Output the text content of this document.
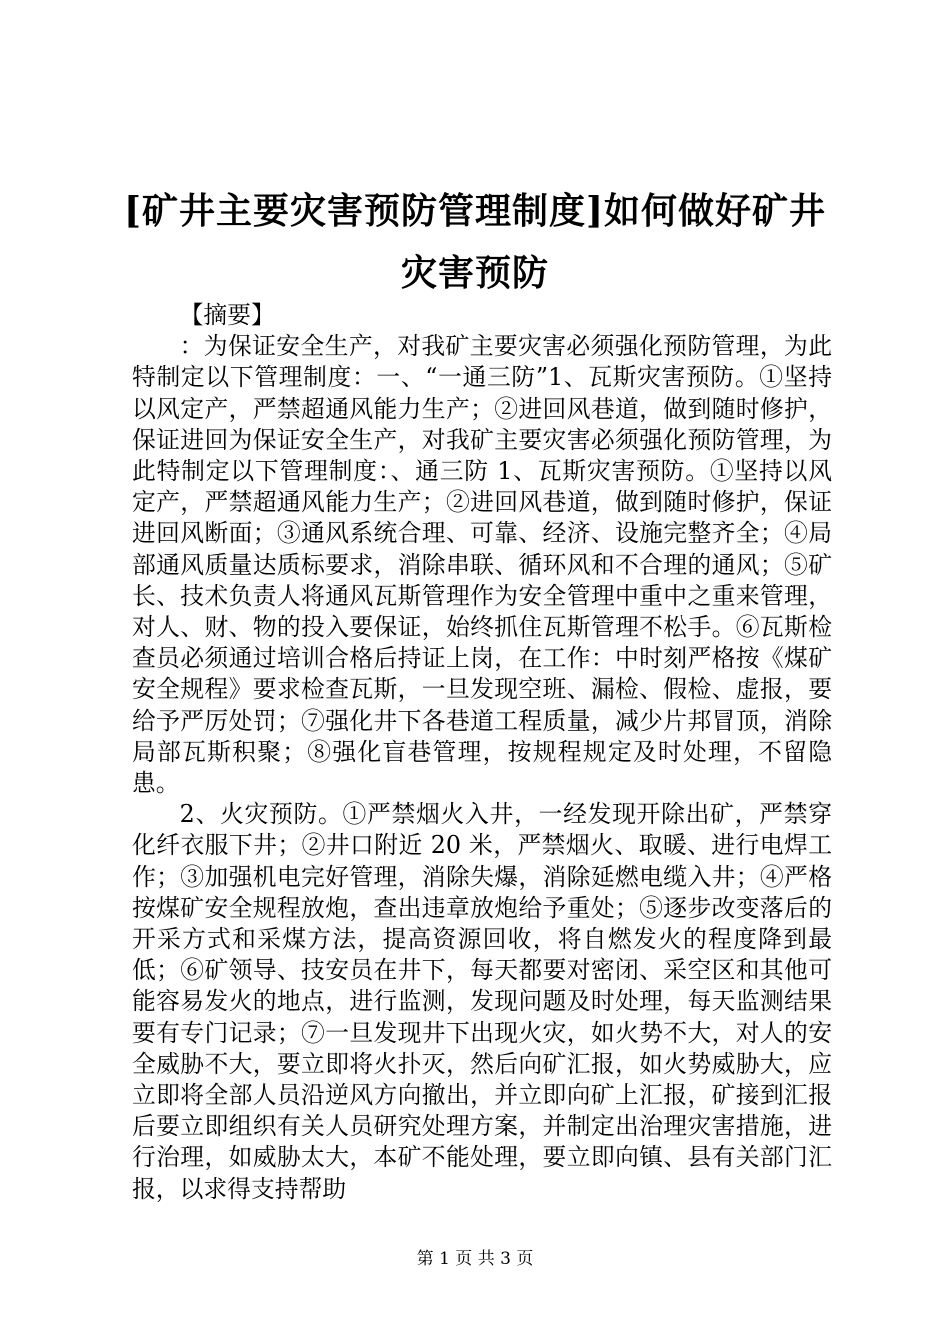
[矿井主要灾害预防管理制度]如何做好矿井灾害预防

【摘要】

：为保证安全生产，对我矿主要灾害必须强化预防管理，为此特制定以下管理制度：一、“一通三防”1、瓦斯灾害预防。①坚持以风定产，严禁超通风能力生产；②进回风巷道，做到随时修护，保证进回为保证安全生产，对我矿主要灾害必须强化预防管理，为此特制定以下管理制度：、通三防 1、瓦斯灾害预防。①坚持以风定产，严禁超通风能力生产；②进回风巷道，做到随时修护，保证进回风断面；③通风系统合理、可靠、经济、设施完整齐全；④局部通风质量达质标要求，消除串联、循环风和不合理的通风；⑤矿长、技术负责人将通风瓦斯管理作为安全管理中重中之重来管理，对人、财、物的投入要保证，始终抓住瓦斯管理不松手。⑥瓦斯检查员必须通过培训合格后持证上岗，在工作：中时刻严格按《煤矿安全规程》要求检查瓦斯，一旦发现空班、漏检、假检、虚报，要给予严厉处罚；⑦强化井下各巷道工程质量，减少片邦冒顶，消除局部瓦斯积聚；⑧强化盲巷管理，按规程规定及时处理，不留隐患。

2、火灾预防。①严禁烟火入井，一经发现开除出矿，严禁穿化纤衣服下井；②井口附近 20 米，严禁烟火、取暖、进行电焊工作；③加强机电完好管理，消除失爆，消除延燃电缆入井；④严格按煤矿安全规程放炮，查出违章放炮给予重处；⑤逐步改变落后的开采方式和采煤方法，提高资源回收，将自燃发火的程度降到最低；⑥矿领导、技安员在井下，每天都要对密闭、采空区和其他可能容易发火的地点，进行监测，发现问题及时处理，每天监测结果要有专门记录；⑦一旦发现井下出现火灾，如火势不大，对人的安全威胁不大，要立即将火扑灭，然后向矿汇报，如火势威胁大，应立即将全部人员沿逆风方向撤出，并立即向矿上汇报，矿接到汇报后要立即组织有关人员研究处理方案，并制定出治理灾害措施，进行治理，如威胁太大，本矿不能处理，要立即向镇、县有关部门汇报，以求得支持帮助

第 1 页 共 3 页
